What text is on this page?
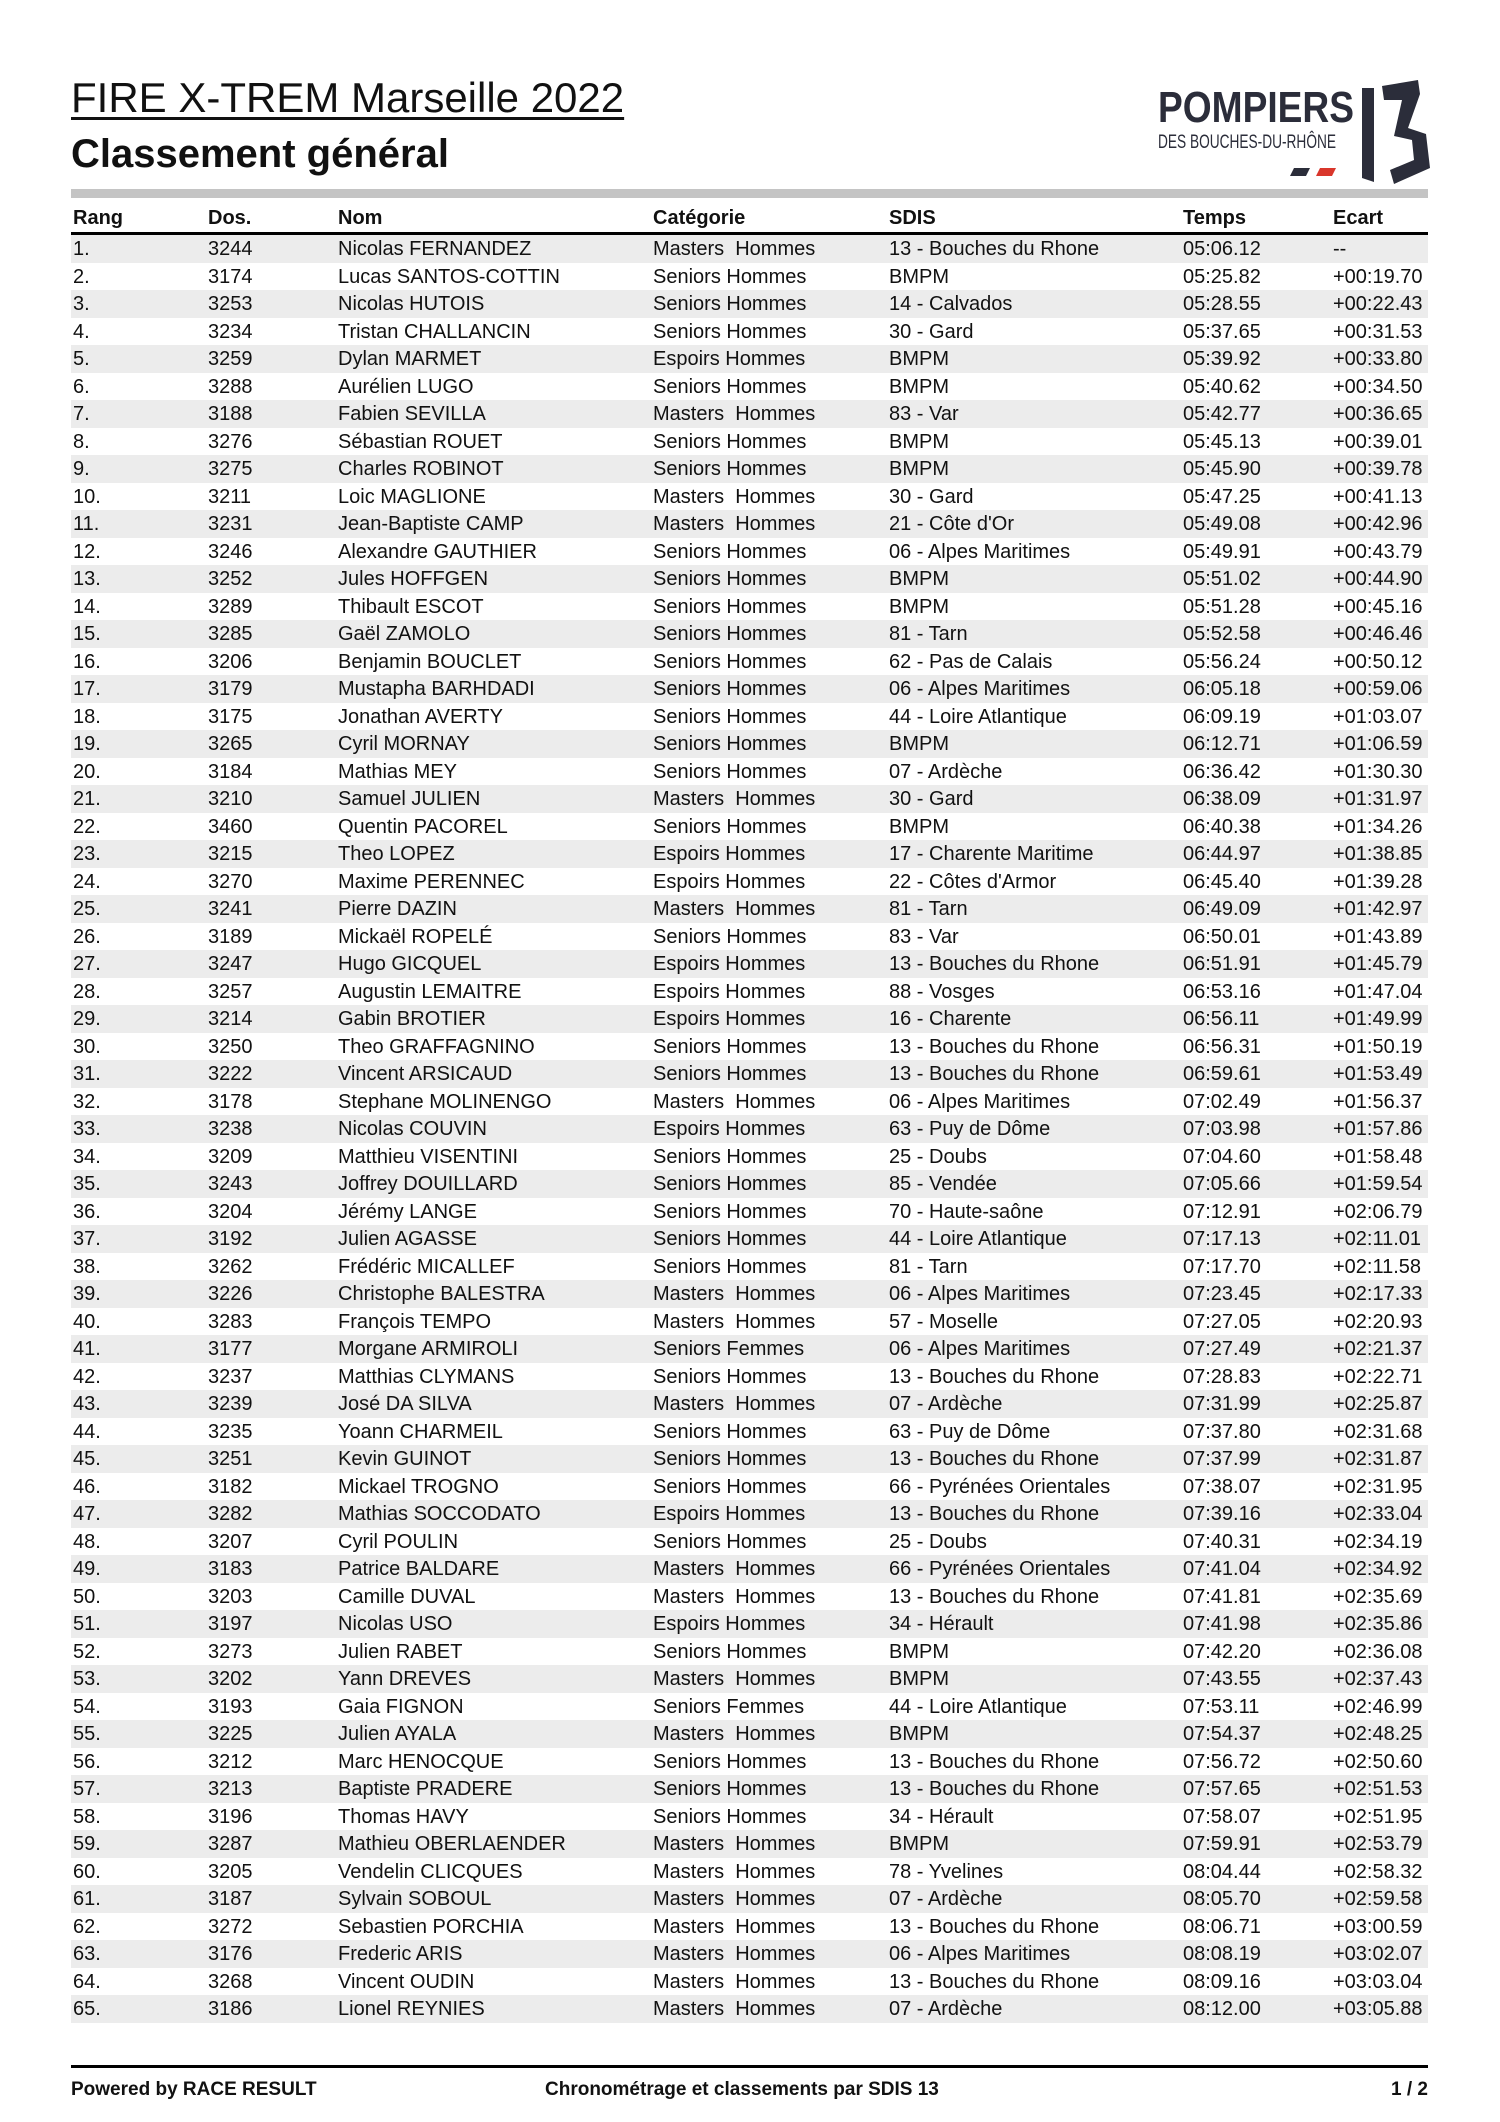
FIRE X-TREM Marseille 2022
Classement général
POMPIERS
DES BOUCHES-DU-RHÔNE
Rang	Dos.	Nom	Catégorie	SDIS	Temps	Ecart
1.	3244	Nicolas FERNANDEZ	Masters  Hommes	13 - Bouches du Rhone	05:06.12	--
2.	3174	Lucas SANTOS-COTTIN	Seniors Hommes	BMPM	05:25.82	+00:19.70
3.	3253	Nicolas HUTOIS	Seniors Hommes	14 - Calvados	05:28.55	+00:22.43
4.	3234	Tristan CHALLANCIN	Seniors Hommes	30 - Gard	05:37.65	+00:31.53
5.	3259	Dylan MARMET	Espoirs Hommes	BMPM	05:39.92	+00:33.80
6.	3288	Aurélien LUGO	Seniors Hommes	BMPM	05:40.62	+00:34.50
7.	3188	Fabien SEVILLA	Masters  Hommes	83 - Var	05:42.77	+00:36.65
8.	3276	Sébastian ROUET	Seniors Hommes	BMPM	05:45.13	+00:39.01
9.	3275	Charles ROBINOT	Seniors Hommes	BMPM	05:45.90	+00:39.78
10.	3211	Loic MAGLIONE	Masters  Hommes	30 - Gard	05:47.25	+00:41.13
11.	3231	Jean-Baptiste CAMP	Masters  Hommes	21 - Côte d'Or	05:49.08	+00:42.96
12.	3246	Alexandre GAUTHIER	Seniors Hommes	06 - Alpes Maritimes	05:49.91	+00:43.79
13.	3252	Jules HOFFGEN	Seniors Hommes	BMPM	05:51.02	+00:44.90
14.	3289	Thibault ESCOT	Seniors Hommes	BMPM	05:51.28	+00:45.16
15.	3285	Gaël ZAMOLO	Seniors Hommes	81 - Tarn	05:52.58	+00:46.46
16.	3206	Benjamin BOUCLET	Seniors Hommes	62 - Pas de Calais	05:56.24	+00:50.12
17.	3179	Mustapha BARHDADI	Seniors Hommes	06 - Alpes Maritimes	06:05.18	+00:59.06
18.	3175	Jonathan AVERTY	Seniors Hommes	44 - Loire Atlantique	06:09.19	+01:03.07
19.	3265	Cyril MORNAY	Seniors Hommes	BMPM	06:12.71	+01:06.59
20.	3184	Mathias MEY	Seniors Hommes	07 - Ardèche	06:36.42	+01:30.30
21.	3210	Samuel JULIEN	Masters  Hommes	30 - Gard	06:38.09	+01:31.97
22.	3460	Quentin PACOREL	Seniors Hommes	BMPM	06:40.38	+01:34.26
23.	3215	Theo LOPEZ	Espoirs Hommes	17 - Charente Maritime	06:44.97	+01:38.85
24.	3270	Maxime PERENNEC	Espoirs Hommes	22 - Côtes d'Armor	06:45.40	+01:39.28
25.	3241	Pierre DAZIN	Masters  Hommes	81 - Tarn	06:49.09	+01:42.97
26.	3189	Mickaël ROPELÉ	Seniors Hommes	83 - Var	06:50.01	+01:43.89
27.	3247	Hugo GICQUEL	Espoirs Hommes	13 - Bouches du Rhone	06:51.91	+01:45.79
28.	3257	Augustin LEMAITRE	Espoirs Hommes	88 - Vosges	06:53.16	+01:47.04
29.	3214	Gabin BROTIER	Espoirs Hommes	16 - Charente	06:56.11	+01:49.99
30.	3250	Theo GRAFFAGNINO	Seniors Hommes	13 - Bouches du Rhone	06:56.31	+01:50.19
31.	3222	Vincent ARSICAUD	Seniors Hommes	13 - Bouches du Rhone	06:59.61	+01:53.49
32.	3178	Stephane MOLINENGO	Masters  Hommes	06 - Alpes Maritimes	07:02.49	+01:56.37
33.	3238	Nicolas COUVIN	Espoirs Hommes	63 - Puy de Dôme	07:03.98	+01:57.86
34.	3209	Matthieu VISENTINI	Seniors Hommes	25 - Doubs	07:04.60	+01:58.48
35.	3243	Joffrey DOUILLARD	Seniors Hommes	85 - Vendée	07:05.66	+01:59.54
36.	3204	Jérémy LANGE	Seniors Hommes	70 - Haute-saône	07:12.91	+02:06.79
37.	3192	Julien AGASSE	Seniors Hommes	44 - Loire Atlantique	07:17.13	+02:11.01
38.	3262	Frédéric MICALLEF	Seniors Hommes	81 - Tarn	07:17.70	+02:11.58
39.	3226	Christophe BALESTRA	Masters  Hommes	06 - Alpes Maritimes	07:23.45	+02:17.33
40.	3283	François TEMPO	Masters  Hommes	57 - Moselle	07:27.05	+02:20.93
41.	3177	Morgane ARMIROLI	Seniors Femmes	06 - Alpes Maritimes	07:27.49	+02:21.37
42.	3237	Matthias CLYMANS	Seniors Hommes	13 - Bouches du Rhone	07:28.83	+02:22.71
43.	3239	José DA SILVA	Masters  Hommes	07 - Ardèche	07:31.99	+02:25.87
44.	3235	Yoann CHARMEIL	Seniors Hommes	63 - Puy de Dôme	07:37.80	+02:31.68
45.	3251	Kevin GUINOT	Seniors Hommes	13 - Bouches du Rhone	07:37.99	+02:31.87
46.	3182	Mickael TROGNO	Seniors Hommes	66 - Pyrénées Orientales	07:38.07	+02:31.95
47.	3282	Mathias SOCCODATO	Espoirs Hommes	13 - Bouches du Rhone	07:39.16	+02:33.04
48.	3207	Cyril POULIN	Seniors Hommes	25 - Doubs	07:40.31	+02:34.19
49.	3183	Patrice BALDARE	Masters  Hommes	66 - Pyrénées Orientales	07:41.04	+02:34.92
50.	3203	Camille DUVAL	Masters  Hommes	13 - Bouches du Rhone	07:41.81	+02:35.69
51.	3197	Nicolas USO	Espoirs Hommes	34 - Hérault	07:41.98	+02:35.86
52.	3273	Julien RABET	Seniors Hommes	BMPM	07:42.20	+02:36.08
53.	3202	Yann DREVES	Masters  Hommes	BMPM	07:43.55	+02:37.43
54.	3193	Gaia FIGNON	Seniors Femmes	44 - Loire Atlantique	07:53.11	+02:46.99
55.	3225	Julien AYALA	Masters  Hommes	BMPM	07:54.37	+02:48.25
56.	3212	Marc HENOCQUE	Seniors Hommes	13 - Bouches du Rhone	07:56.72	+02:50.60
57.	3213	Baptiste PRADERE	Seniors Hommes	13 - Bouches du Rhone	07:57.65	+02:51.53
58.	3196	Thomas HAVY	Seniors Hommes	34 - Hérault	07:58.07	+02:51.95
59.	3287	Mathieu OBERLAENDER	Masters  Hommes	BMPM	07:59.91	+02:53.79
60.	3205	Vendelin CLICQUES	Masters  Hommes	78 - Yvelines	08:04.44	+02:58.32
61.	3187	Sylvain SOBOUL	Masters  Hommes	07 - Ardèche	08:05.70	+02:59.58
62.	3272	Sebastien PORCHIA	Masters  Hommes	13 - Bouches du Rhone	08:06.71	+03:00.59
63.	3176	Frederic ARIS	Masters  Hommes	06 - Alpes Maritimes	08:08.19	+03:02.07
64.	3268	Vincent OUDIN	Masters  Hommes	13 - Bouches du Rhone	08:09.16	+03:03.04
65.	3186	Lionel REYNIES	Masters  Hommes	07 - Ardèche	08:12.00	+03:05.88
Powered by RACE RESULT	Chronométrage et classements par SDIS 13	1 / 2
